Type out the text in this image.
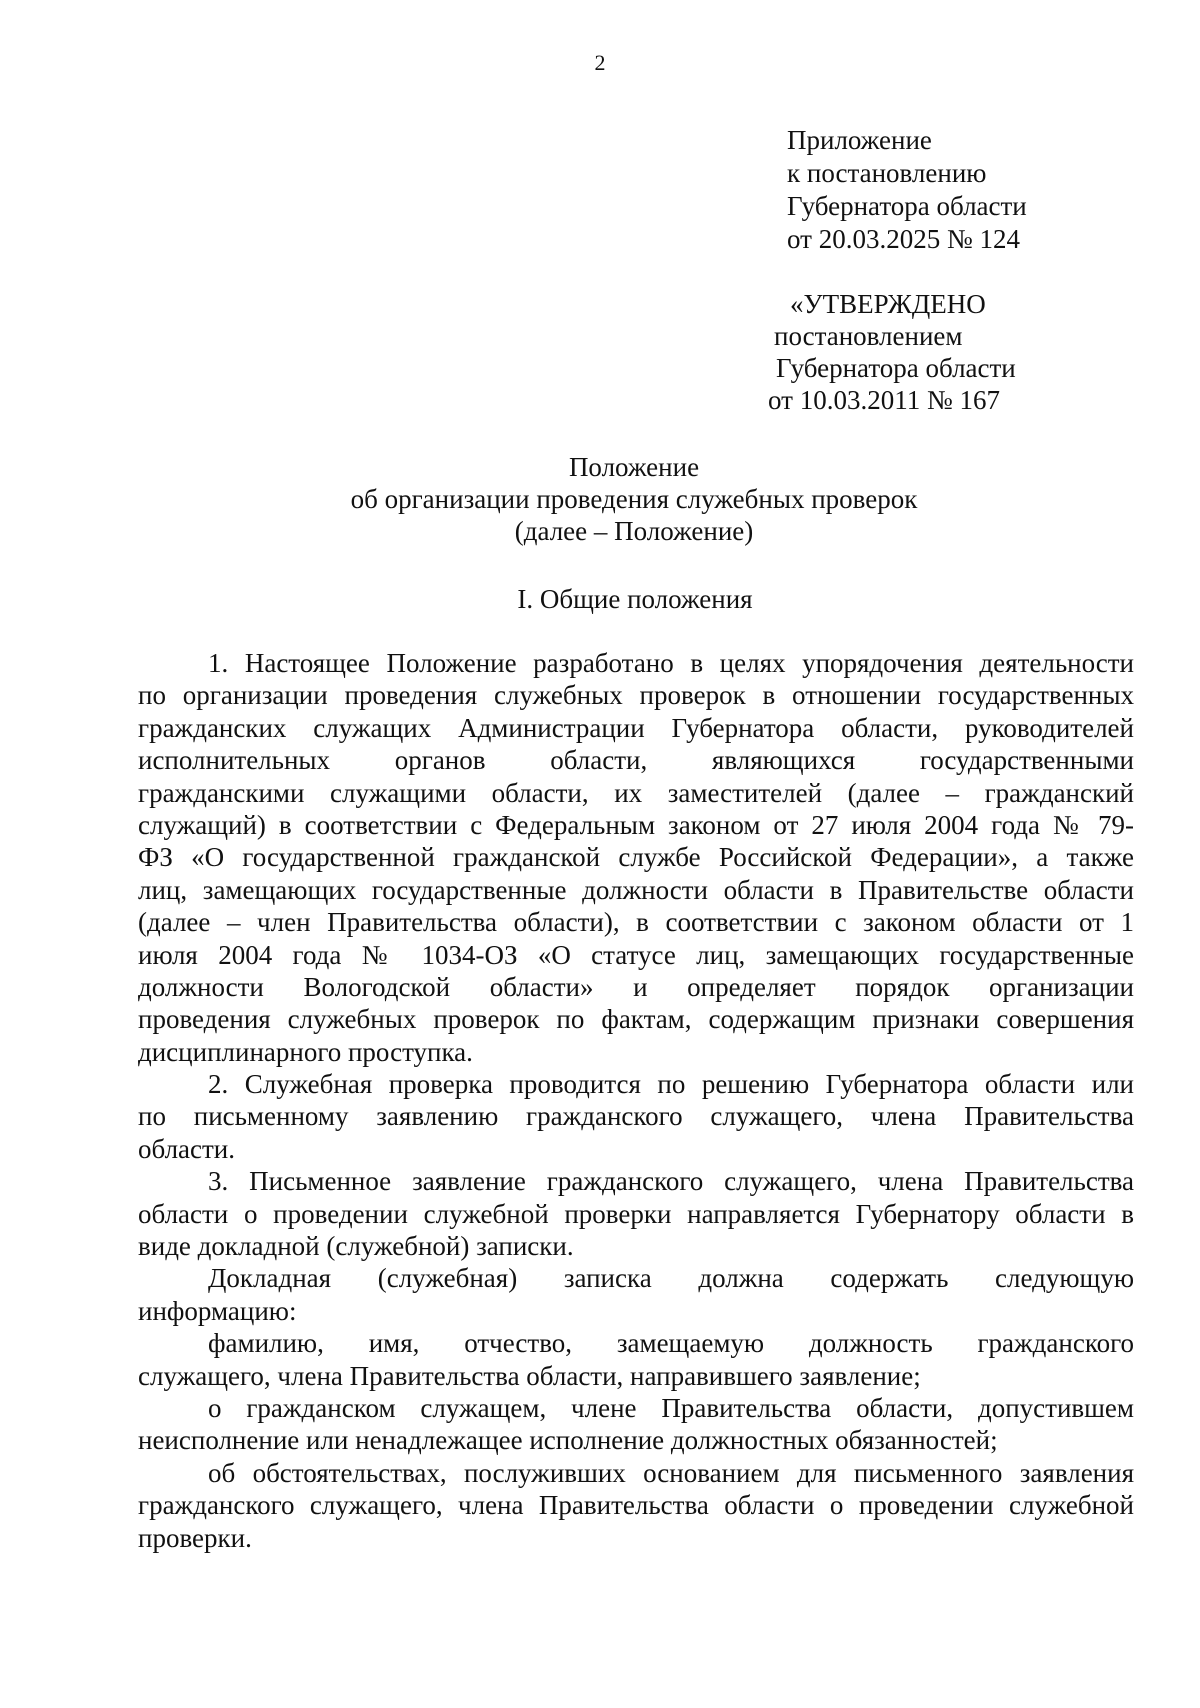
2
Приложение
к постановлению
Губернатора области
от 20.03.2025 № 124
«УТВЕРЖДЕНО
постановлением
Губернатора области
от 10.03.2011 № 167
Положение
об организации проведения служебных проверок
(далее – Положение)
I. Общие положения
1. Настоящее Положение разработано в целях упорядочения деятельности
по организации проведения служебных проверок в отношении государственных
гражданских служащих Администрации Губернатора области, руководителей
исполнительных органов области, являющихся государственными
гражданскими служащими области, их заместителей (далее – гражданский
служащий) в соответствии с Федеральным законом от 27 июля 2004 года № 79-
ФЗ «О государственной гражданской службе Российской Федерации», а также
лиц, замещающих государственные должности области в Правительстве области
(далее – член Правительства области), в соответствии с законом области от 1
июля 2004 года № 1034-ОЗ «О статусе лиц, замещающих государственные
должности Вологодской области» и определяет порядок организации
проведения служебных проверок по фактам, содержащим признаки совершения
дисциплинарного проступка.
2. Служебная проверка проводится по решению Губернатора области или
по письменному заявлению гражданского служащего, члена Правительства
области.
3. Письменное заявление гражданского служащего, члена Правительства
области о проведении служебной проверки направляется Губернатору области в
виде докладной (служебной) записки.
Докладная (служебная) записка должна содержать следующую
информацию:
фамилию, имя, отчество, замещаемую должность гражданского
служащего, члена Правительства области, направившего заявление;
о гражданском служащем, члене Правительства области, допустившем
неисполнение или ненадлежащее исполнение должностных обязанностей;
об обстоятельствах, послуживших основанием для письменного заявления
гражданского служащего, члена Правительства области о проведении служебной
проверки.
